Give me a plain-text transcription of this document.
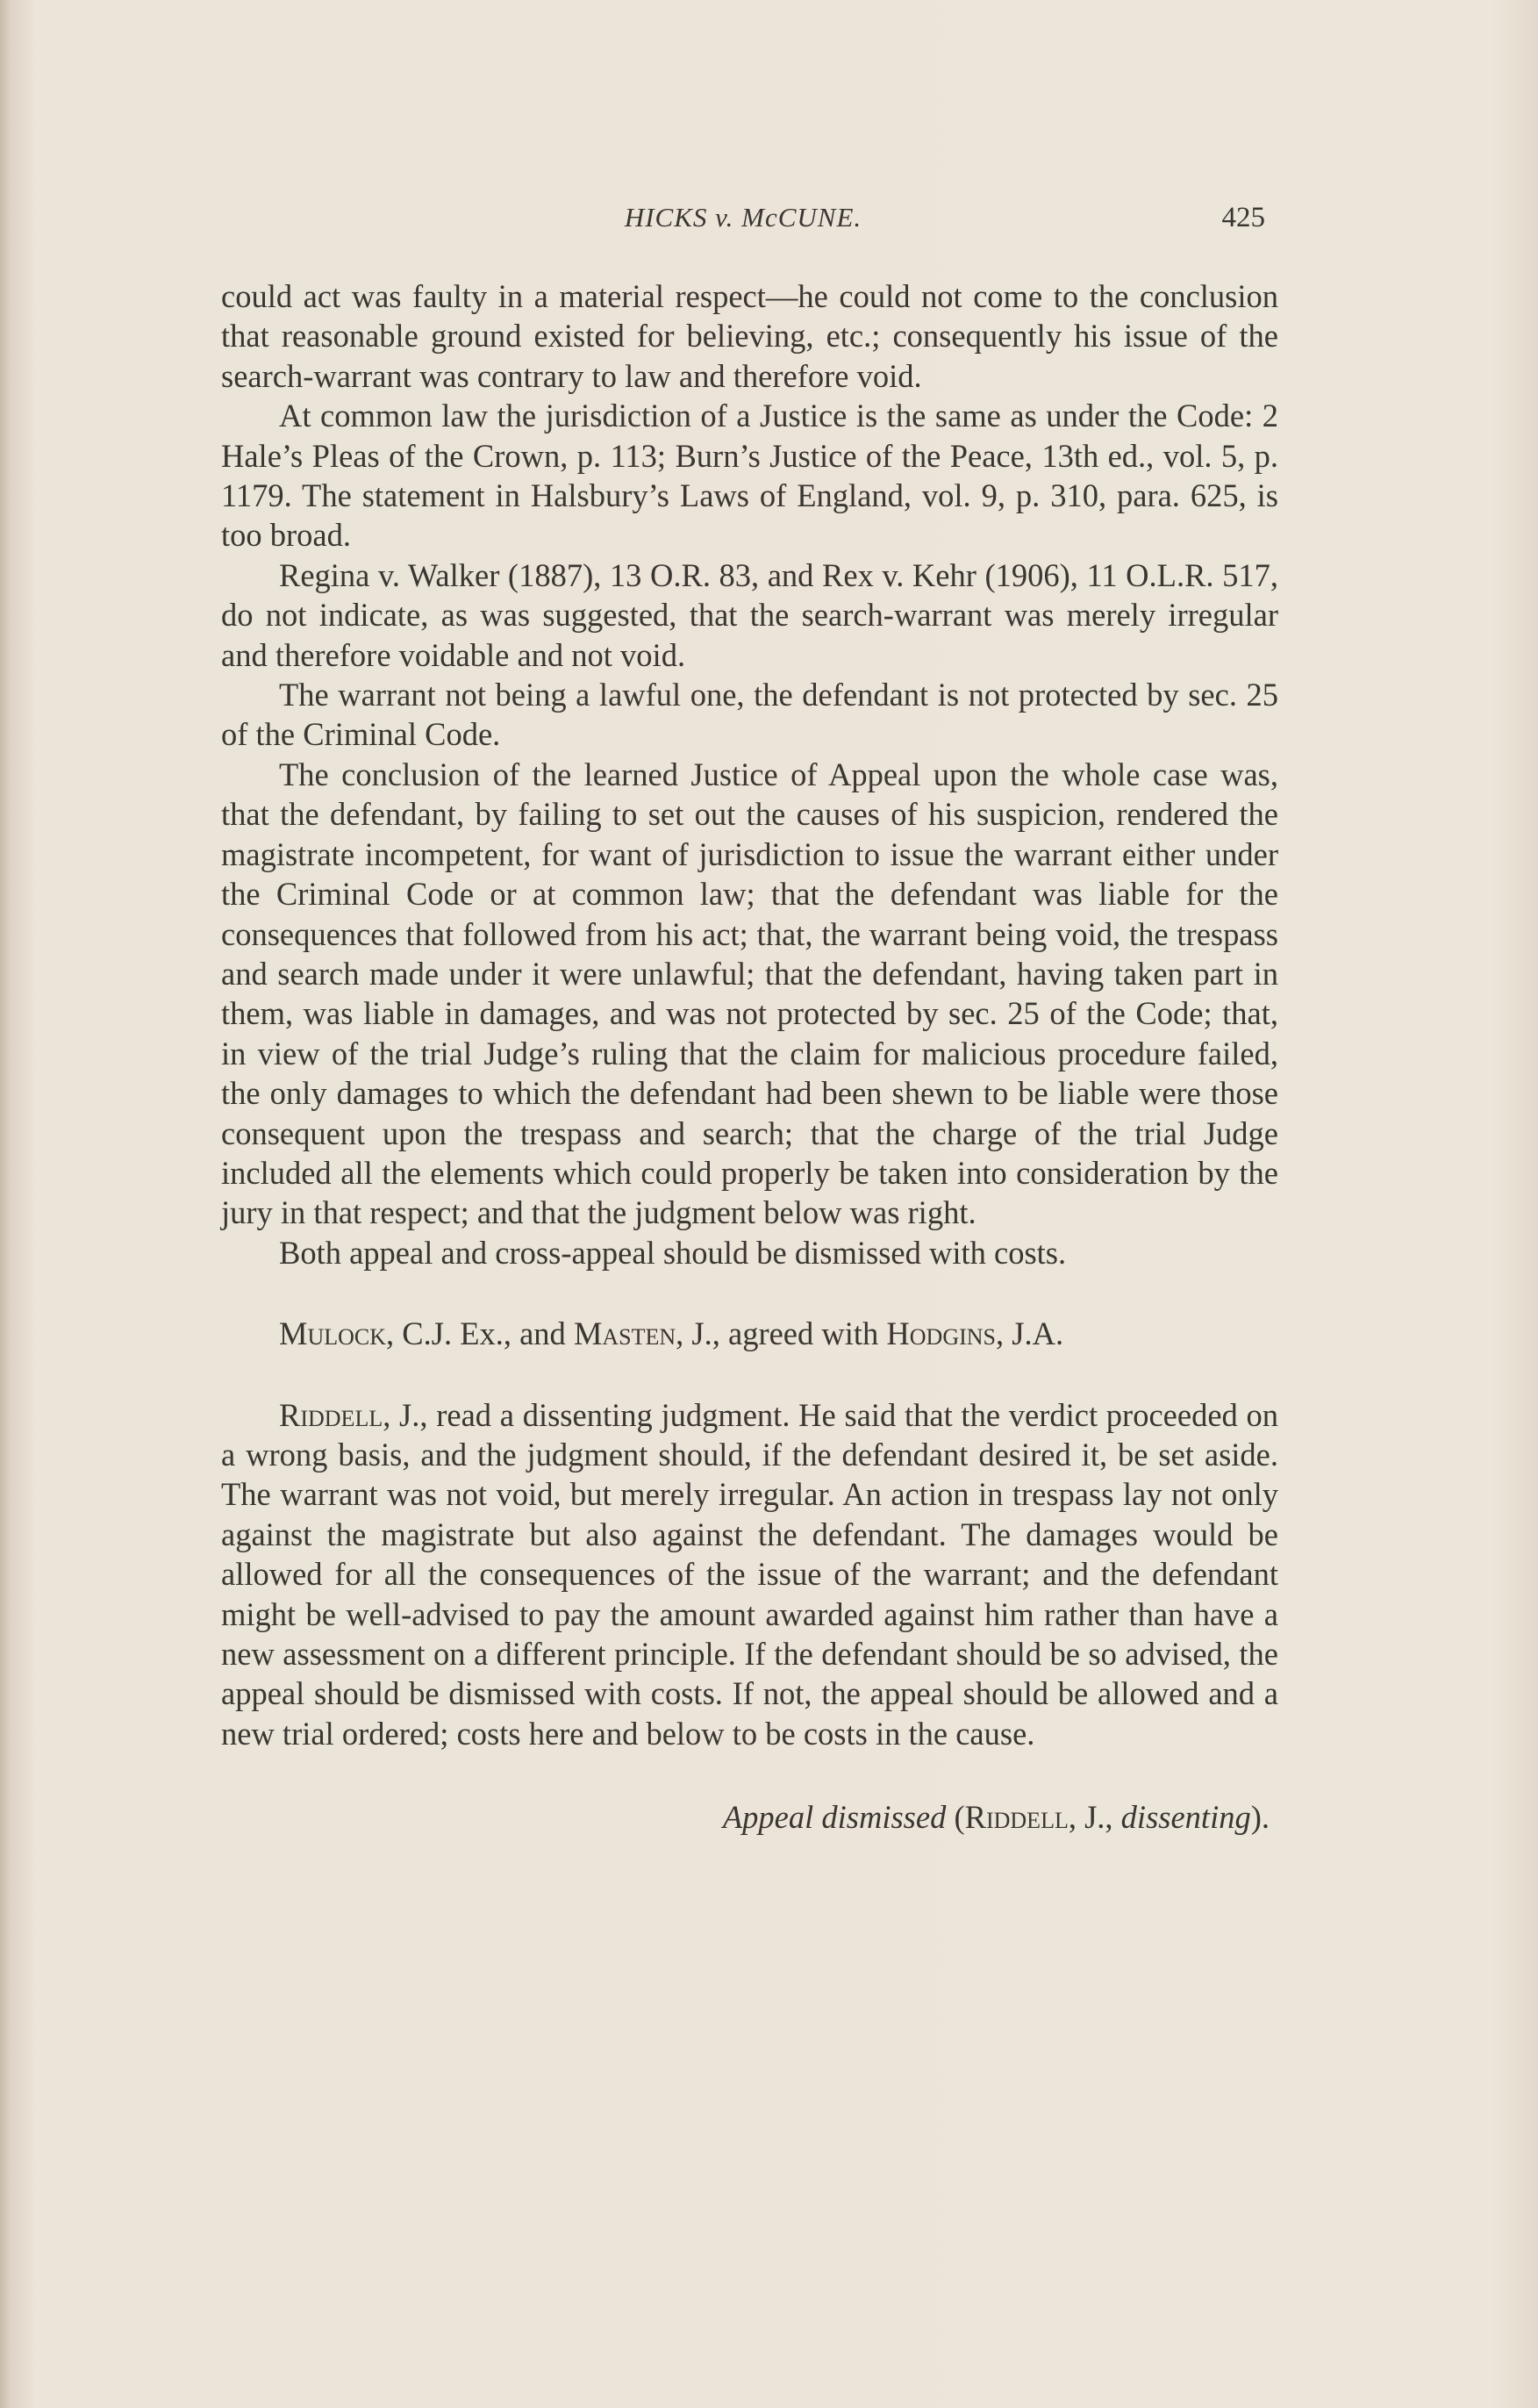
HICKS v. McCUNE.	425

could act was faulty in a material respect—he could not come to the conclusion that reasonable ground existed for believing, etc.; consequently his issue of the search-warrant was contrary to law and therefore void.

At common law the jurisdiction of a Justice is the same as under the Code: 2 Hale’s Pleas of the Crown, p. 113; Burn’s Justice of the Peace, 13th ed., vol. 5, p. 1179. The statement in Halsbury’s Laws of England, vol. 9, p. 310, para. 625, is too broad.

Regina v. Walker (1887), 13 O.R. 83, and Rex v. Kehr (1906), 11 O.L.R. 517, do not indicate, as was suggested, that the search-warrant was merely irregular and therefore voidable and not void.

The warrant not being a lawful one, the defendant is not protected by sec. 25 of the Criminal Code.

The conclusion of the learned Justice of Appeal upon the whole case was, that the defendant, by failing to set out the causes of his suspicion, rendered the magistrate incompetent, for want of jurisdiction to issue the warrant either under the Criminal Code or at common law; that the defendant was liable for the consequences that followed from his act; that, the warrant being void, the trespass and search made under it were unlawful; that the defendant, having taken part in them, was liable in damages, and was not protected by sec. 25 of the Code; that, in view of the trial Judge’s ruling that the claim for malicious procedure failed, the only damages to which the defendant had been shewn to be liable were those consequent upon the trespass and search; that the charge of the trial Judge included all the elements which could properly be taken into consideration by the jury in that respect; and that the judgment below was right.

Both appeal and cross-appeal should be dismissed with costs.

Mulock, C.J. Ex., and Masten, J., agreed with Hodgins, J.A.

Riddell, J., read a dissenting judgment. He said that the verdict proceeded on a wrong basis, and the judgment should, if the defendant desired it, be set aside. The warrant was not void, but merely irregular. An action in trespass lay not only against the magistrate but also against the defendant. The damages would be allowed for all the consequences of the issue of the warrant; and the defendant might be well-advised to pay the amount awarded against him rather than have a new assessment on a different principle. If the defendant should be so advised, the appeal should be dismissed with costs. If not, the appeal should be allowed and a new trial ordered; costs here and below to be costs in the cause.

Appeal dismissed (Riddell, J., dissenting).
